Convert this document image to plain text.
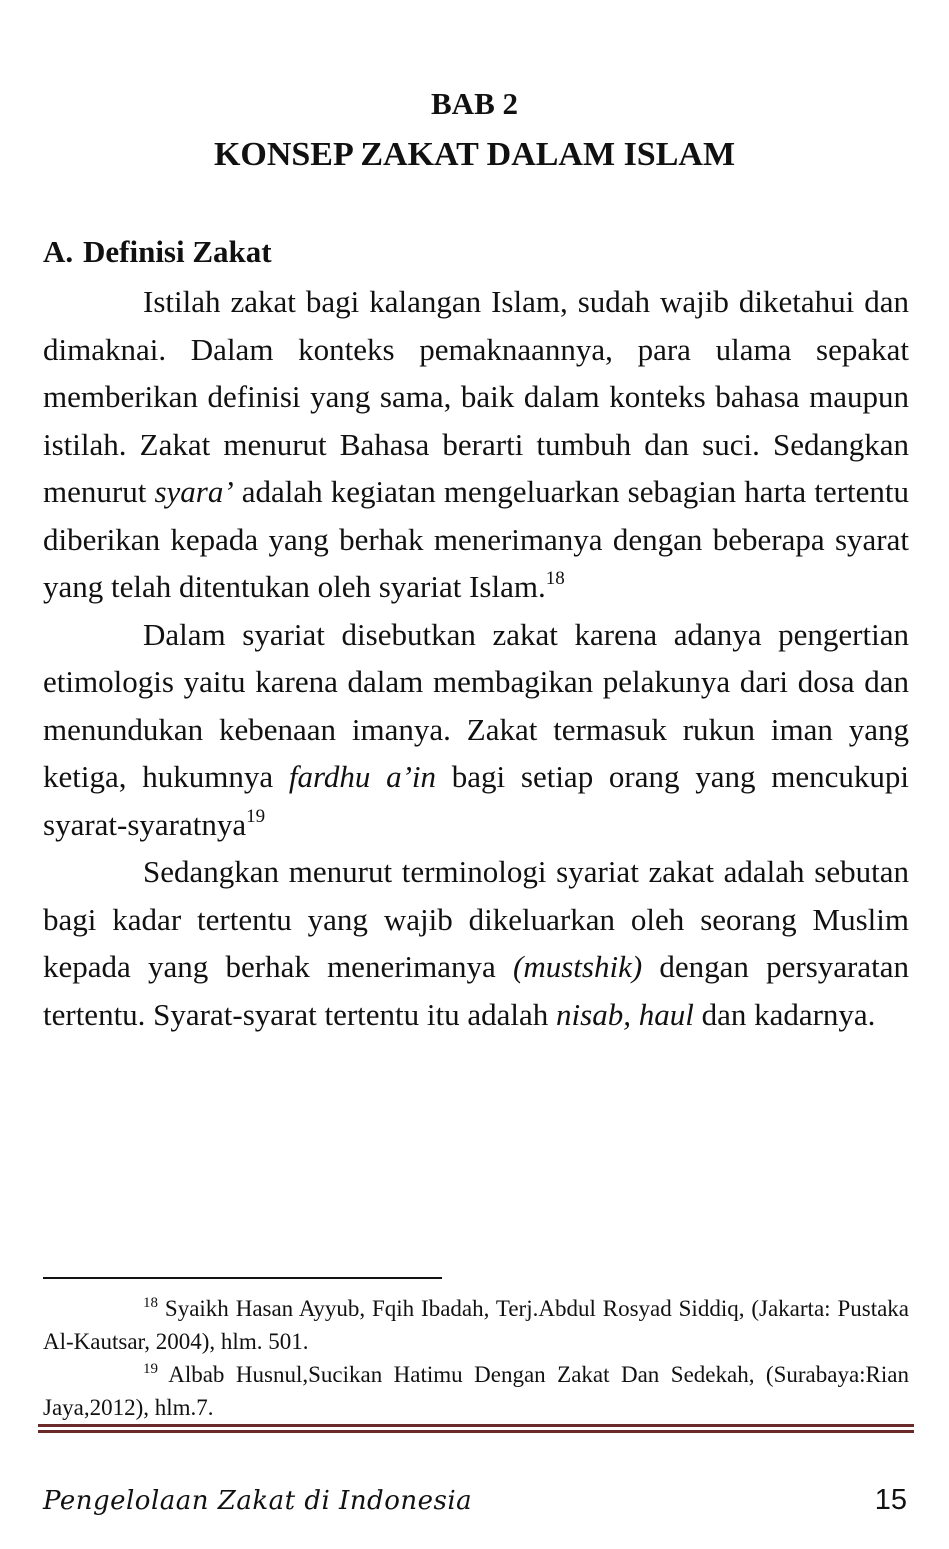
BAB 2
KONSEP ZAKAT DALAM ISLAM
A. Definisi Zakat

Istilah zakat bagi kalangan Islam, sudah wajib diketahui dan dimaknai. Dalam konteks pemaknaannya, para ulama sepakat memberikan definisi yang sama, baik dalam konteks bahasa maupun istilah. Zakat menurut Bahasa berarti tumbuh dan suci. Sedangkan menurut syara’ adalah kegiatan mengeluarkan sebagian harta tertentu diberikan kepada yang berhak menerimanya dengan beberapa syarat yang telah ditentukan oleh syariat Islam.$^{18}$

Dalam syariat disebutkan zakat karena adanya pengertian etimologis yaitu karena dalam membagikan pelakunya dari dosa dan menundukan kebenaan imanya. Zakat termasuk rukun iman yang ketiga, hukumnya fardhu a’in bagi setiap orang yang mencukupi syarat-syaratnya$^{19}$

Sedangkan menurut terminologi syariat zakat adalah sebutan bagi kadar tertentu yang wajib dikeluarkan oleh seorang Muslim kepada yang berhak menerimanya (mustshik) dengan persyaratan tertentu. Syarat-syarat tertentu itu adalah nisab, haul dan kadarnya.

$^{18}$ Syaikh Hasan Ayyub, Fqih Ibadah, Terj.Abdul Rosyad Siddiq, (Jakarta: Pustaka Al-Kautsar, 2004), hlm. 501.

$^{19}$ Albab Husnul,Sucikan Hatimu Dengan Zakat Dan Sedekah, (Surabaya:Rian Jaya,2012), hlm.7.

Pengelolaan Zakat di Indonesia	15
